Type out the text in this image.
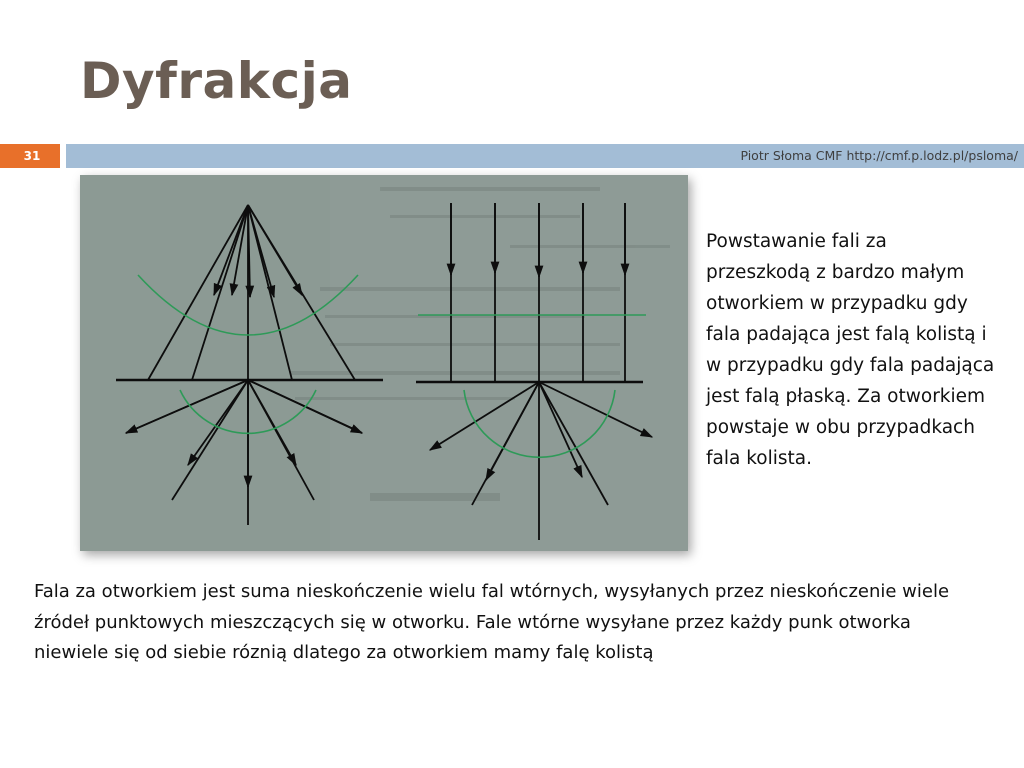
Dyfrakcja
31	Piotr Słoma CMF http://cmf.p.lodz.pl/psloma/

Powstawanie fali za przeszkodą z bardzo małym otworkiem w przypadku gdy fala padająca jest falą kolistą i w przypadku gdy fala padająca jest falą płaską. Za otworkiem powstaje w obu przypadkach fala kolista.

Fala za otworkiem jest suma nieskończenie wielu fal wtórnych, wysyłanych przez nieskończenie wiele źródeł punktowych mieszczących się w otworku. Fale wtórne wysyłane przez każdy punk otworka niewiele się od siebie róznią dlatego za otworkiem mamy falę kolistą
